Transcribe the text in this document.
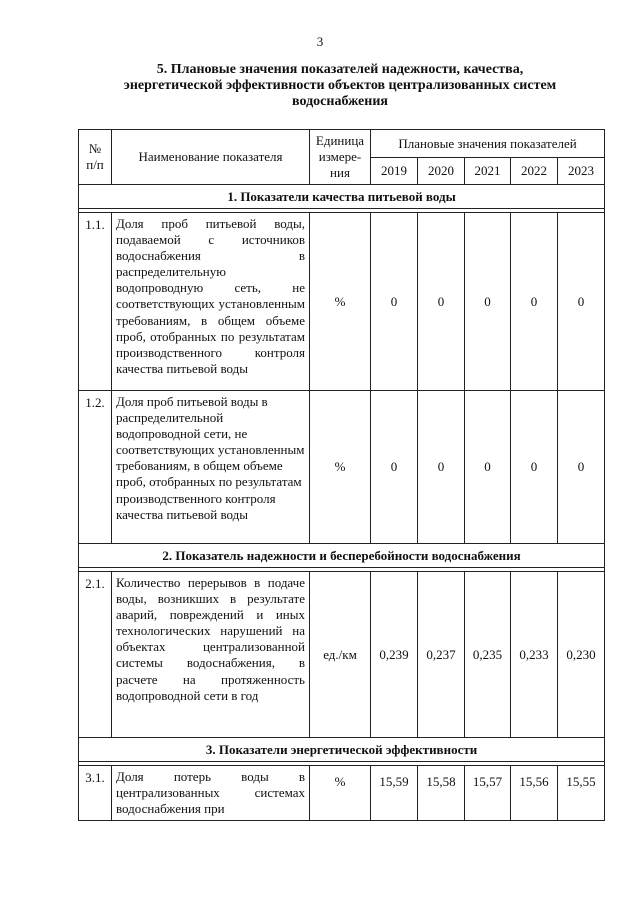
3
5. Плановые значения показателей надежности, качества, энергетической эффективности объектов централизованных систем водоснабжения
№ п/п	Наименование показателя	Единица измере-ния	Плановые значения показателей				
			2019	2020	2021	2022	2023
1. Показатели качества питьевой воды							

1.1.	Доля проб питьевой воды, подаваемой с источников водоснабжения в распределительную водопроводную сеть, не соответствующих установленным требованиям, в общем объеме проб, отобранных по результатам производственного контроля качества питьевой воды	%	0	0	0	0	0
1.2.	Доля проб питьевой воды в распределительной водопроводной сети, не соответствующих установленным требованиям, в общем объеме проб, отобранных по результатам производственного контроля качества питьевой воды	%	0	0	0	0	0
2. Показатель надежности и бесперебойности водоснабжения							

2.1.	Количество перерывов в подаче воды, возникших в результате аварий, повреждений и иных технологических нарушений на объектах централизованной системы водоснабжения, в расчете на протяженность водопроводной сети в год	ед./км	0,239	0,237	0,235	0,233	0,230
3. Показатели энергетической эффективности							

3.1.	Доля потерь воды в централизованных системах водоснабжения при	%	15,59	15,58	15,57	15,56	15,55
